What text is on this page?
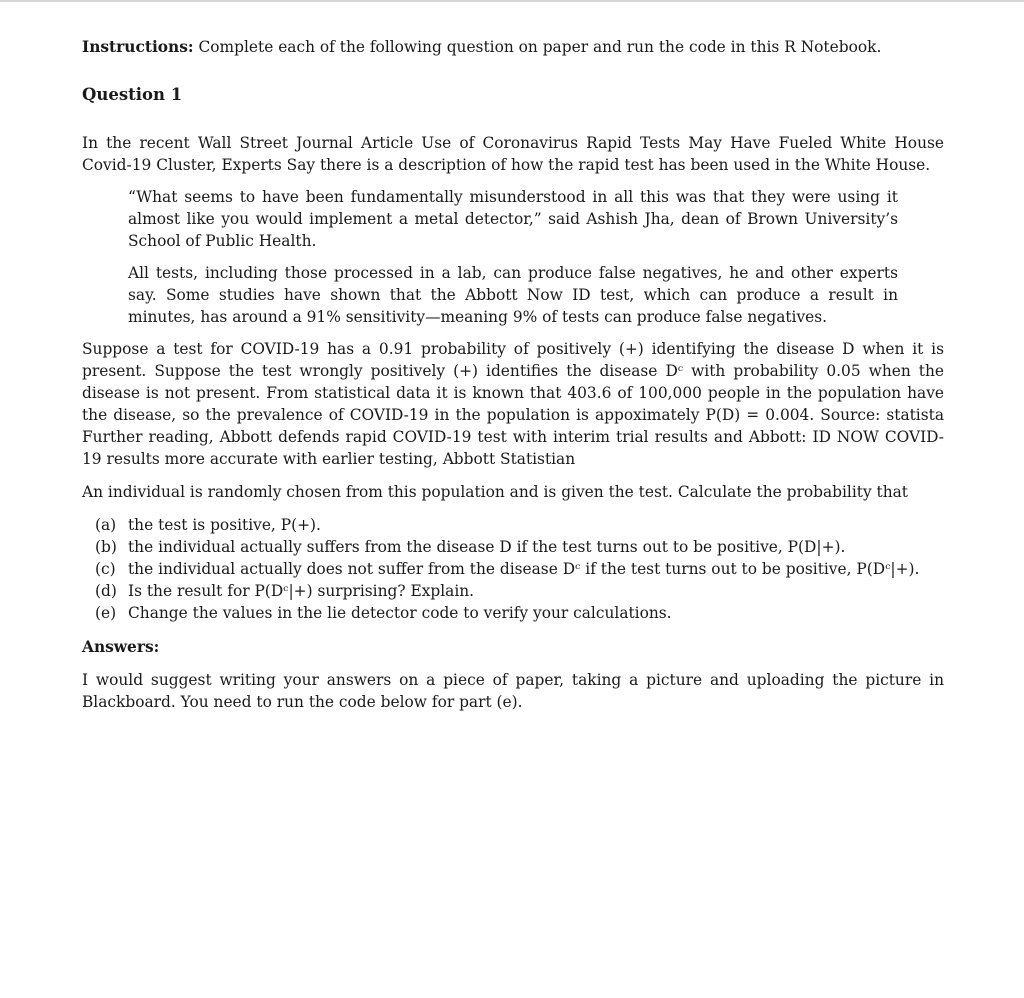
Instructions: Complete each of the following question on paper and run the code in this R Notebook.

Question 1

In the recent Wall Street Journal Article Use of Coronavirus Rapid Tests May Have Fueled White House Covid-19 Cluster, Experts Say there is a description of how the rapid test has been used in the White House.

“What seems to have been fundamentally misunderstood in all this was that they were using it almost like you would implement a metal detector,” said Ashish Jha, dean of Brown University’s School of Public Health.

All tests, including those processed in a lab, can produce false negatives, he and other experts say. Some studies have shown that the Abbott Now ID test, which can produce a result in minutes, has around a 91% sensitivity—meaning 9% of tests can produce false negatives.

Suppose a test for COVID-19 has a 0.91 probability of positively (+) identifying the disease D when it is present. Suppose the test wrongly positively (+) identifies the disease Dᶜ with probability 0.05 when the disease is not present. From statistical data it is known that 403.6 of 100,000 people in the population have the disease, so the prevalence of COVID-19 in the population is appoximately P(D) = 0.004. Source: statista Further reading, Abbott defends rapid COVID-19 test with interim trial results and Abbott: ID NOW COVID-19 results more accurate with earlier testing, Abbott Statistian

An individual is randomly chosen from this population and is given the test. Calculate the probability that

(a) the test is positive, P(+).
(b) the individual actually suffers from the disease D if the test turns out to be positive, P(D|+).
(c) the individual actually does not suffer from the disease Dᶜ if the test turns out to be positive, P(Dᶜ|+).
(d) Is the result for P(Dᶜ|+) surprising? Explain.
(e) Change the values in the lie detector code to verify your calculations.
Answers:

I would suggest writing your answers on a piece of paper, taking a picture and uploading the picture in Blackboard. You need to run the code below for part (e).
